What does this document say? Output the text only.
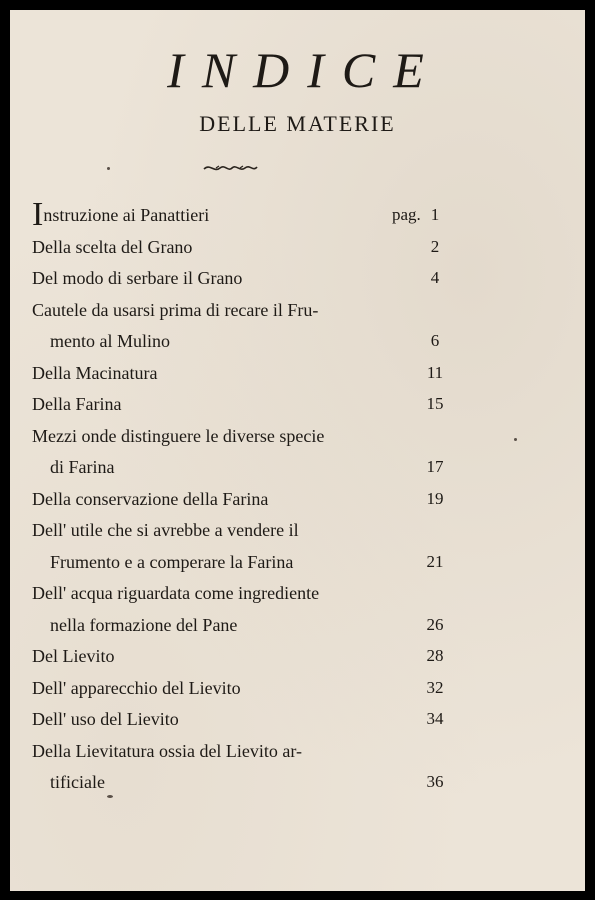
INDICE
DELLE MATERIE
Instruzione ai Panattieri	pag. 1
Della scelta del Grano	2
Del modo di serbare il Grano	4
Cautele da usarsi prima di recare il Fru-
mento al Mulino	6
Della Macinatura	11
Della Farina	15
Mezzi onde distinguere le diverse specie
di Farina	17
Della conservazione della Farina	19
Dell' utile che si avrebbe a vendere il
Frumento e a comperare la Farina	21
Dell' acqua riguardata come ingrediente
nella formazione del Pane	26
Del Lievito	28
Dell' apparecchio del Lievito	32
Dell' uso del Lievito	34
Della Lievitatura ossia del Lievito ar-
tificiale	36
